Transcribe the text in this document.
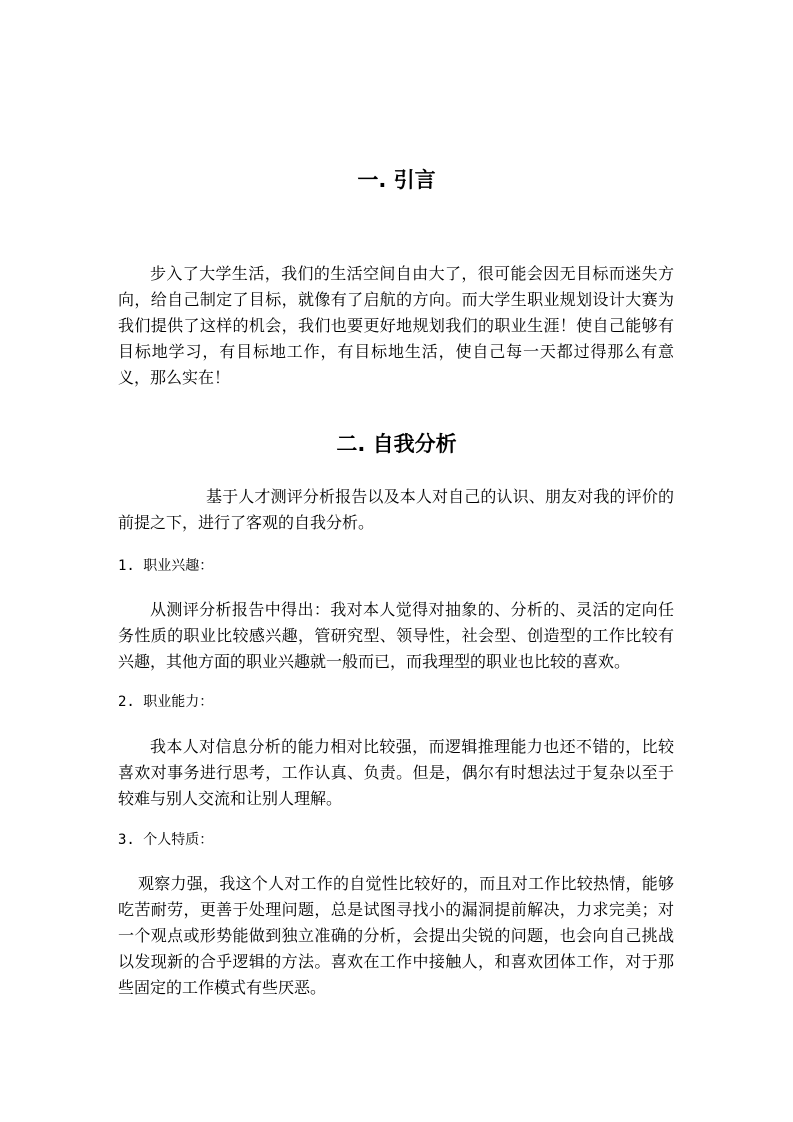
一. 引言

步入了大学生活，我们的生活空间自由大了，很可能会因无目标而迷失方向，给自己制定了目标，就像有了启航的方向。而大学生职业规划设计大赛为我们提供了这样的机会，我们也要更好地规划我们的职业生涯！使自己能够有目标地学习，有目标地工作，有目标地生活，使自己每一天都过得那么有意义，那么实在！

二. 自我分析

基于人才测评分析报告以及本人对自己的认识、朋友对我的评价的前提之下，进行了客观的自我分析。

1. 职业兴趣：

从测评分析报告中得出：我对本人觉得对抽象的、分析的、灵活的定向任务性质的职业比较感兴趣，管研究型、领导性，社会型、创造型的工作比较有兴趣，其他方面的职业兴趣就一般而已，而我理型的职业也比较的喜欢。

2. 职业能力：

我本人对信息分析的能力相对比较强，而逻辑推理能力也还不错的，比较喜欢对事务进行思考，工作认真、负责。但是，偶尔有时想法过于复杂以至于较难与别人交流和让别人理解。

3. 个人特质：

观察力强，我这个人对工作的自觉性比较好的，而且对工作比较热情，能够吃苦耐劳，更善于处理问题，总是试图寻找小的漏洞提前解决，力求完美；对一个观点或形势能做到独立准确的分析，会提出尖锐的问题，也会向自己挑战以发现新的合乎逻辑的方法。喜欢在工作中接触人，和喜欢团体工作，对于那些固定的工作模式有些厌恶。
